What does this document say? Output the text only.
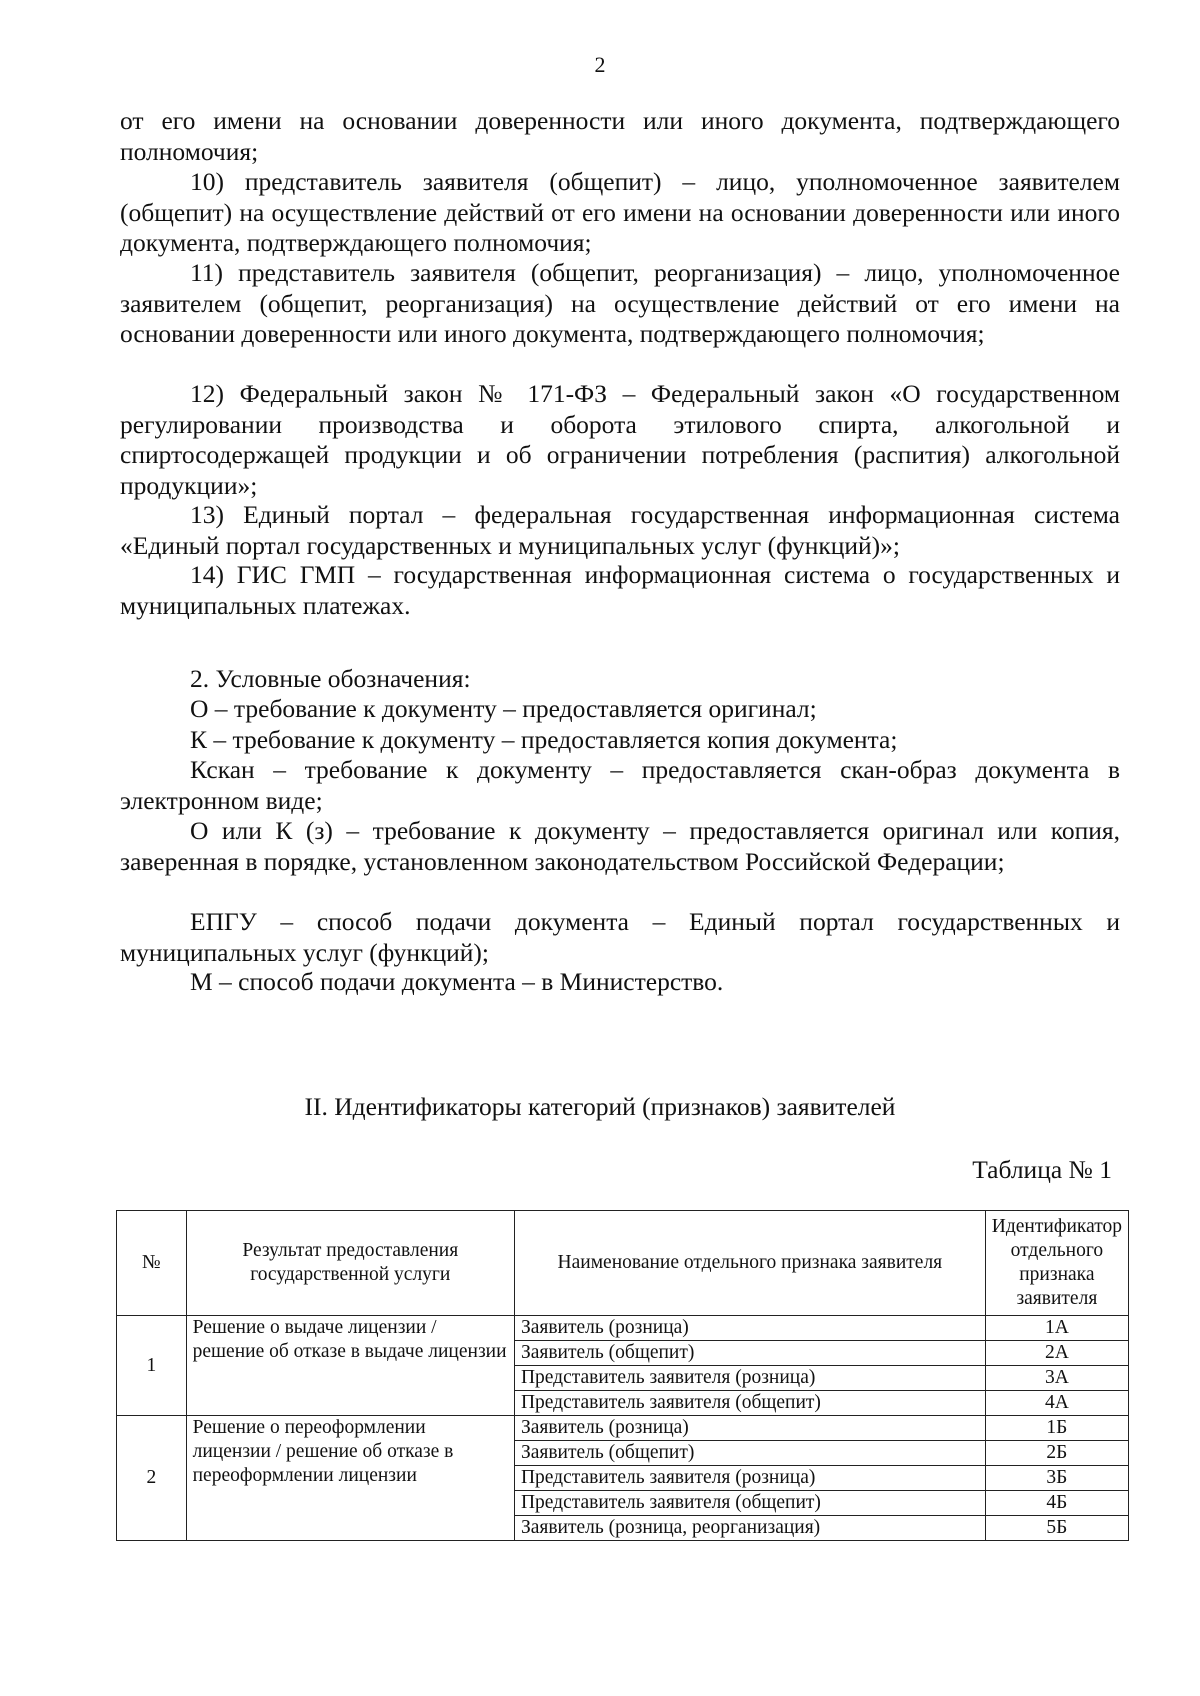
2

от его имени на основании доверенности или иного документа, подтверждающего полномочия;

10) представитель заявителя (общепит) – лицо, уполномоченное заявителем (общепит) на осуществление действий от его имени на основании доверенности или иного документа, подтверждающего полномочия;

11) представитель заявителя (общепит, реорганизация) – лицо, уполномоченное заявителем (общепит, реорганизация) на осуществление действий от его имени на основании доверенности или иного документа, подтверждающего полномочия;

12) Федеральный закон № 171-ФЗ – Федеральный закон «О государственном регулировании производства и оборота этилового спирта, алкогольной и спиртосодержащей продукции и об ограничении потребления (распития) алкогольной продукции»;

13) Единый портал – федеральная государственная информационная система «Единый портал государственных и муниципальных услуг (функций)»;

14) ГИС ГМП – государственная информационная система о государственных и муниципальных платежах.

2. Условные обозначения:

О – требование к документу – предоставляется оригинал;

К – требование к документу – предоставляется копия документа;

Кскан – требование к документу – предоставляется скан-образ документа в электронном виде;

О или К (з) – требование к документу – предоставляется оригинал или копия, заверенная в порядке, установленном законодательством Российской Федерации;

ЕПГУ – способ подачи документа – Единый портал государственных и муниципальных услуг (функций);

М – способ подачи документа – в Министерство.

II. Идентификаторы категорий (признаков) заявителей
Таблица № 1
№	Результат предоставления государственной услуги	Наименование отдельного признака заявителя	Идентификатор отдельного признака заявителя
1	Решение о выдаче лицензии / решение об отказе в выдаче лицензии	Заявитель (розница)	1А
		Заявитель (общепит)	2А
		Представитель заявителя (розница)	3А
		Представитель заявителя (общепит)	4А
2	Решение о переоформлении лицензии / решение об отказе в переоформлении лицензии	Заявитель (розница)	1Б
		Заявитель (общепит)	2Б
		Представитель заявителя (розница)	3Б
		Представитель заявителя (общепит)	4Б
		Заявитель (розница, реорганизация)	5Б
